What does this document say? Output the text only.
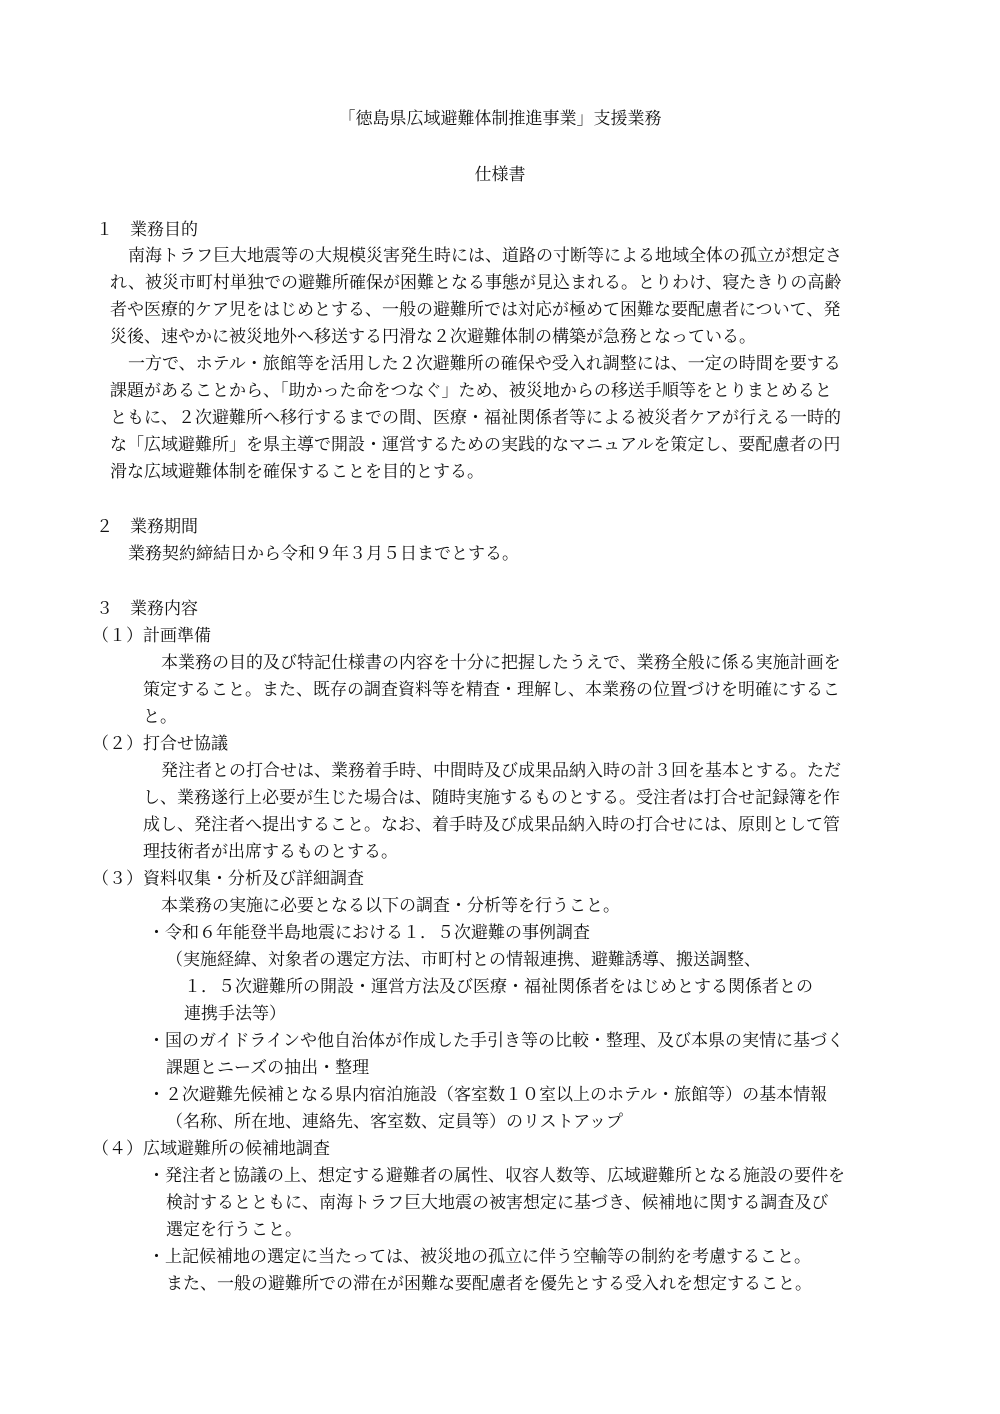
「徳島県広域避難体制推進事業」支援業務
仕様書
１　業務目的
南海トラフ巨大地震等の大規模災害発生時には、道路の寸断等による地域全体の孤立が想定さ
れ、被災市町村単独での避難所確保が困難となる事態が見込まれる。とりわけ、寝たきりの高齢
者や医療的ケア児をはじめとする、一般の避難所では対応が極めて困難な要配慮者について、発
災後、速やかに被災地外へ移送する円滑な２次避難体制の構築が急務となっている。
一方で、ホテル・旅館等を活用した２次避難所の確保や受入れ調整には、一定の時間を要する
課題があることから、「助かった命をつなぐ」ため、被災地からの移送手順等をとりまとめると
ともに、２次避難所へ移行するまでの間、医療・福祉関係者等による被災者ケアが行える一時的
な「広域避難所」を県主導で開設・運営するための実践的なマニュアルを策定し、要配慮者の円
滑な広域避難体制を確保することを目的とする。
２　業務期間
業務契約締結日から令和９年３月５日までとする。
３　業務内容
（１）計画準備
本業務の目的及び特記仕様書の内容を十分に把握したうえで、業務全般に係る実施計画を
策定すること。また、既存の調査資料等を精査・理解し、本業務の位置づけを明確にするこ
と。
（２）打合せ協議
発注者との打合せは、業務着手時、中間時及び成果品納入時の計３回を基本とする。ただ
し、業務遂行上必要が生じた場合は、随時実施するものとする。受注者は打合せ記録簿を作
成し、発注者へ提出すること。なお、着手時及び成果品納入時の打合せには、原則として管
理技術者が出席するものとする。
（３）資料収集・分析及び詳細調査
本業務の実施に必要となる以下の調査・分析等を行うこと。
・令和６年能登半島地震における１．５次避難の事例調査
（実施経緯、対象者の選定方法、市町村との情報連携、避難誘導、搬送調整、
１．５次避難所の開設・運営方法及び医療・福祉関係者をはじめとする関係者との
連携手法等）
・国のガイドラインや他自治体が作成した手引き等の比較・整理、及び本県の実情に基づく
課題とニーズの抽出・整理
・２次避難先候補となる県内宿泊施設（客室数１０室以上のホテル・旅館等）の基本情報
（名称、所在地、連絡先、客室数、定員等）のリストアップ
（４）広域避難所の候補地調査
・発注者と協議の上、想定する避難者の属性、収容人数等、広域避難所となる施設の要件を
検討するとともに、南海トラフ巨大地震の被害想定に基づき、候補地に関する調査及び
選定を行うこと。
・上記候補地の選定に当たっては、被災地の孤立に伴う空輸等の制約を考慮すること。
また、一般の避難所での滞在が困難な要配慮者を優先とする受入れを想定すること。
